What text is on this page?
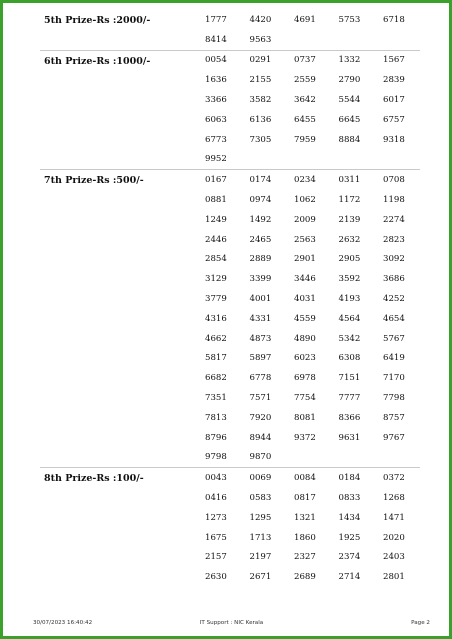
5th Prize-Rs :2000/-	1777	4420	4691	5753	6718
8414	9563
6th Prize-Rs :1000/-	0054	0291	0737	1332	1567
1636	2155	2559	2790	2839
3366	3582	3642	5544	6017
6063	6136	6455	6645	6757
6773	7305	7959	8884	9318
9952
7th Prize-Rs :500/-	0167	0174	0234	0311	0708
0881	0974	1062	1172	1198
1249	1492	2009	2139	2274
2446	2465	2563	2632	2823
2854	2889	2901	2905	3092
3129	3399	3446	3592	3686
3779	4001	4031	4193	4252
4316	4331	4559	4564	4654
4662	4873	4890	5342	5767
5817	5897	6023	6308	6419
6682	6778	6978	7151	7170
7351	7571	7754	7777	7798
7813	7920	8081	8366	8757
8796	8944	9372	9631	9767
9798	9870
8th Prize-Rs :100/-	0043	0069	0084	0184	0372
0416	0583	0817	0833	1268
1273	1295	1321	1434	1471
1675	1713	1860	1925	2020
2157	2197	2327	2374	2403
2630	2671	2689	2714	2801
30/07/2023 16:40:42	IT Support : NIC Kerala	Page 2
